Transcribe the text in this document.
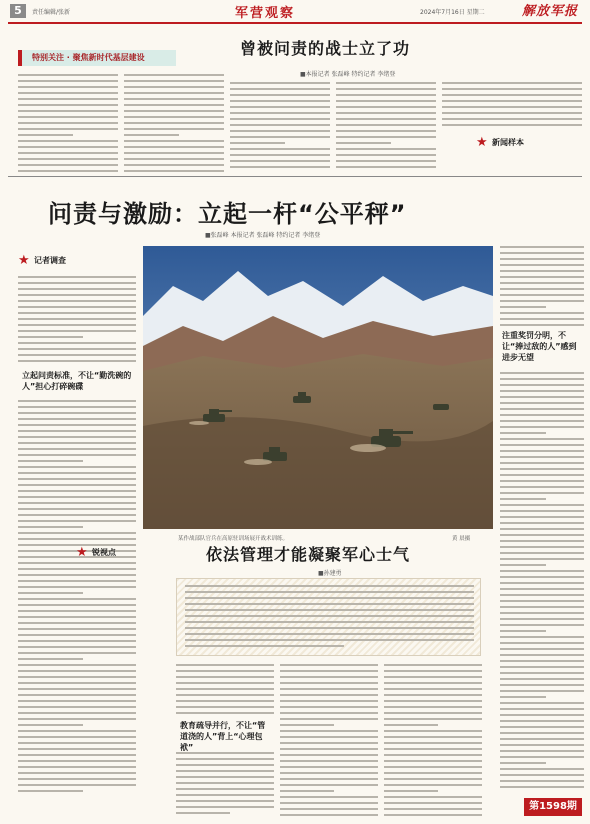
5	责任编辑/张新	军营观察	2024年7月16日 星期二	解放军报
特别关注 · 聚焦新时代基层建设	曾被问责的战士立了功
■本报记者 张磊峰 特约记者 李绪登
★ 新闻样本
问责与激励：立起一杆“公平秤”
■张磊峰 本报记者 张磊峰 特约记者 李绪登
★ 记者调查
立起问责标准，不让“勤洗碗的人”担心打碎碗碟
注重奖罚分明，不让“捧过敌的人”感到进步无望
某作战部队官兵在高原驻训场展开战术训练。	黄 晨摄
★ 锐视点	依法管理才能凝聚军心士气
■孙建勇
教育疏导并行，不让“管道浇的人”背上“心理包袱”
第1598期
